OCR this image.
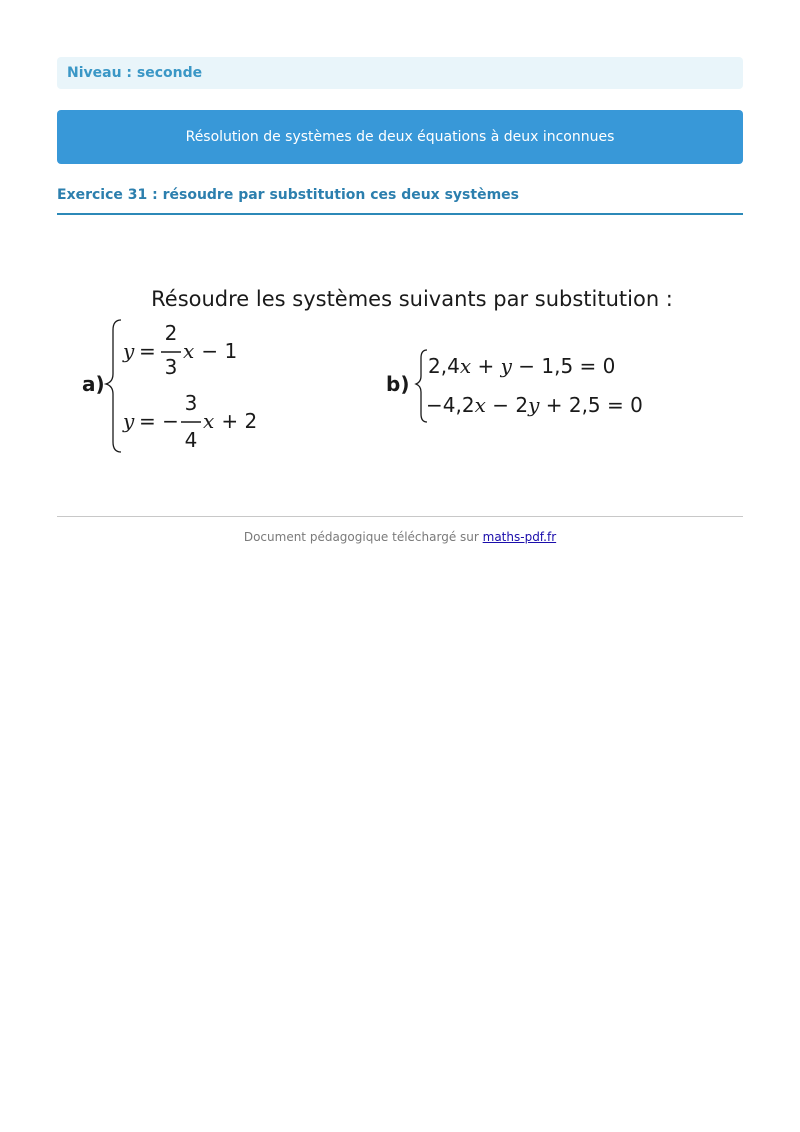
Niveau : seconde
Résolution de systèmes de deux équations à deux inconnues
Exercice 31 : résoudre par substitution ces deux systèmes
Résoudre les systèmes suivants par substitution :
a)
y =
2
3
x − 1
y = −
3
4
x + 2
b)
2,4x + y − 1,5 = 0
−4,2x − 2y + 2,5 = 0
Document pédagogique téléchargé sur maths-pdf.fr
